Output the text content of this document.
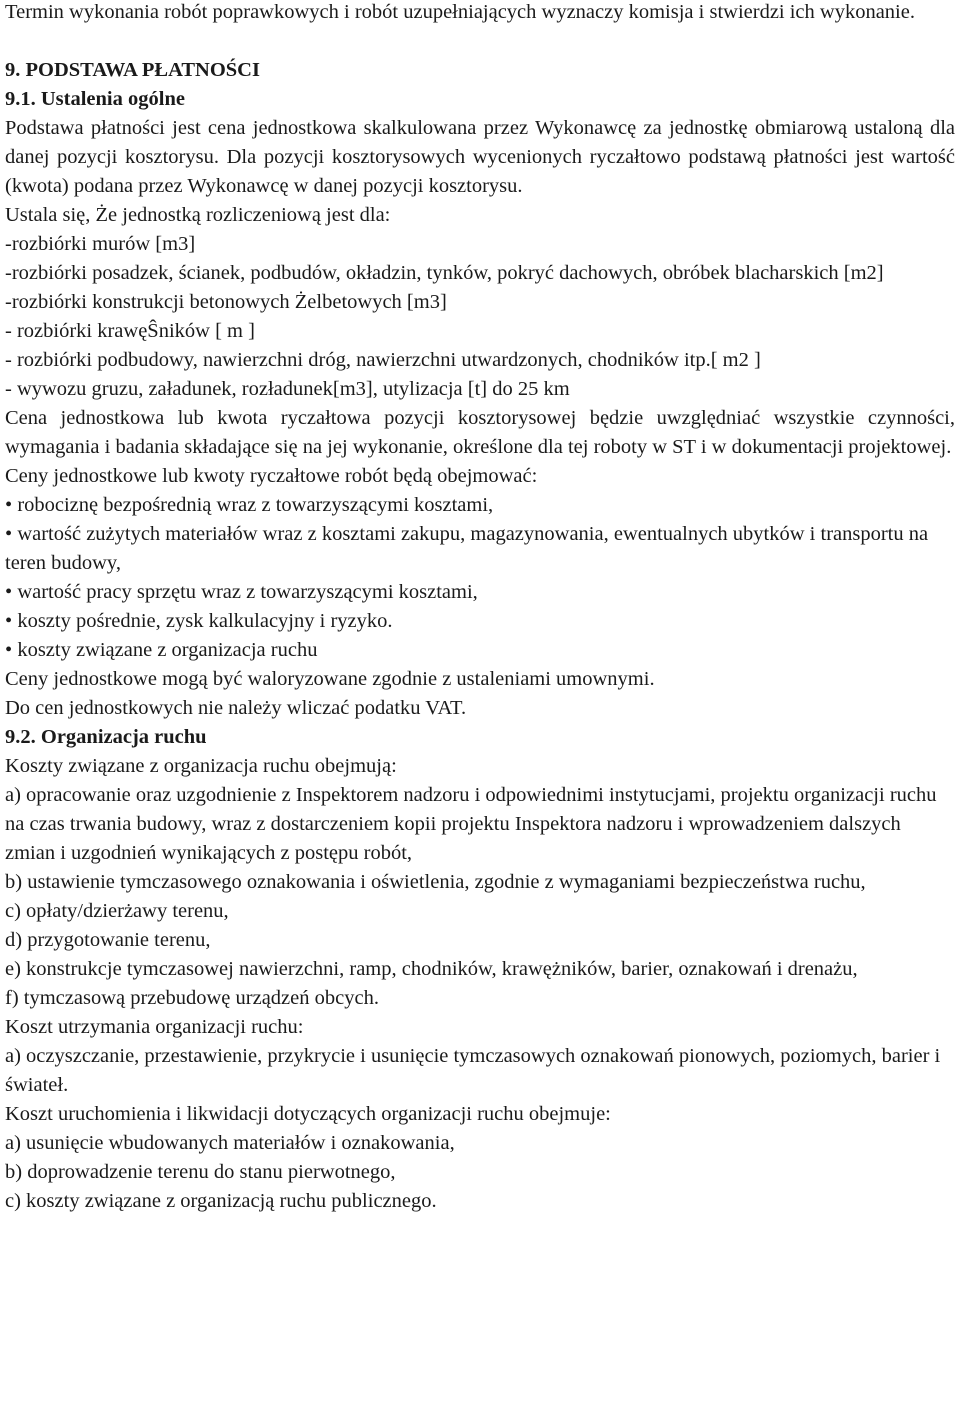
Termin wykonania robót poprawkowych i robót uzupełniających wyznaczy komisja i stwierdzi ich wykonanie.

9. PODSTAWA PŁATNOŚCI

9.1. Ustalenia ogólne

Podstawa płatności jest cena jednostkowa skalkulowana przez Wykonawcę za jednostkę obmiarową ustaloną dla danej pozycji kosztorysu. Dla pozycji kosztorysowych wycenionych ryczałtowo podstawą płatności jest wartość (kwota) podana przez Wykonawcę w danej pozycji kosztorysu.

Ustala się, Że jednostką rozliczeniową jest dla:

-rozbiórki murów [m3]

-rozbiórki posadzek, ścianek, podbudów, okładzin, tynków, pokryć dachowych, obróbek blacharskich [m2]

-rozbiórki konstrukcji betonowych Żelbetowych [m3]

- rozbiórki krawęŜników [ m ]

- rozbiórki podbudowy, nawierzchni dróg, nawierzchni utwardzonych, chodników itp.[ m2 ]

- wywozu gruzu, załadunek, rozładunek[m3], utylizacja [t] do 25 km

Cena jednostkowa lub kwota ryczałtowa pozycji kosztorysowej będzie uwzględniać wszystkie czynności, wymagania i badania składające się na jej wykonanie, określone dla tej roboty w ST i w dokumentacji projektowej.

Ceny jednostkowe lub kwoty ryczałtowe robót będą obejmować:

• robociznę bezpośrednią wraz z towarzyszącymi kosztami,

• wartość zużytych materiałów wraz z kosztami zakupu, magazynowania, ewentualnych ubytków i transportu na teren budowy,

• wartość pracy sprzętu wraz z towarzyszącymi kosztami,

• koszty pośrednie, zysk kalkulacyjny i ryzyko.

• koszty związane z organizacja ruchu

Ceny jednostkowe mogą być waloryzowane zgodnie z ustaleniami umownymi.

Do cen jednostkowych nie należy wliczać podatku VAT.

9.2. Organizacja ruchu

Koszty związane z organizacja ruchu obejmują:

a) opracowanie oraz uzgodnienie z Inspektorem nadzoru i odpowiednimi instytucjami, projektu organizacji ruchu na czas trwania budowy, wraz z dostarczeniem kopii projektu Inspektora nadzoru i wprowadzeniem dalszych zmian i uzgodnień wynikających z postępu robót,

b) ustawienie tymczasowego oznakowania i oświetlenia, zgodnie z wymaganiami bezpieczeństwa ruchu,

c) opłaty/dzierżawy terenu,

d) przygotowanie terenu,

e) konstrukcje tymczasowej nawierzchni, ramp, chodników, krawężników, barier, oznakowań i drenażu,

f) tymczasową przebudowę urządzeń obcych.

Koszt utrzymania organizacji ruchu:

a) oczyszczanie, przestawienie, przykrycie i usunięcie tymczasowych oznakowań pionowych, poziomych, barier i świateł.

Koszt uruchomienia i likwidacji dotyczących organizacji ruchu obejmuje:

a) usunięcie wbudowanych materiałów i oznakowania,

b) doprowadzenie terenu do stanu pierwotnego,

c) koszty związane z organizacją ruchu publicznego.
